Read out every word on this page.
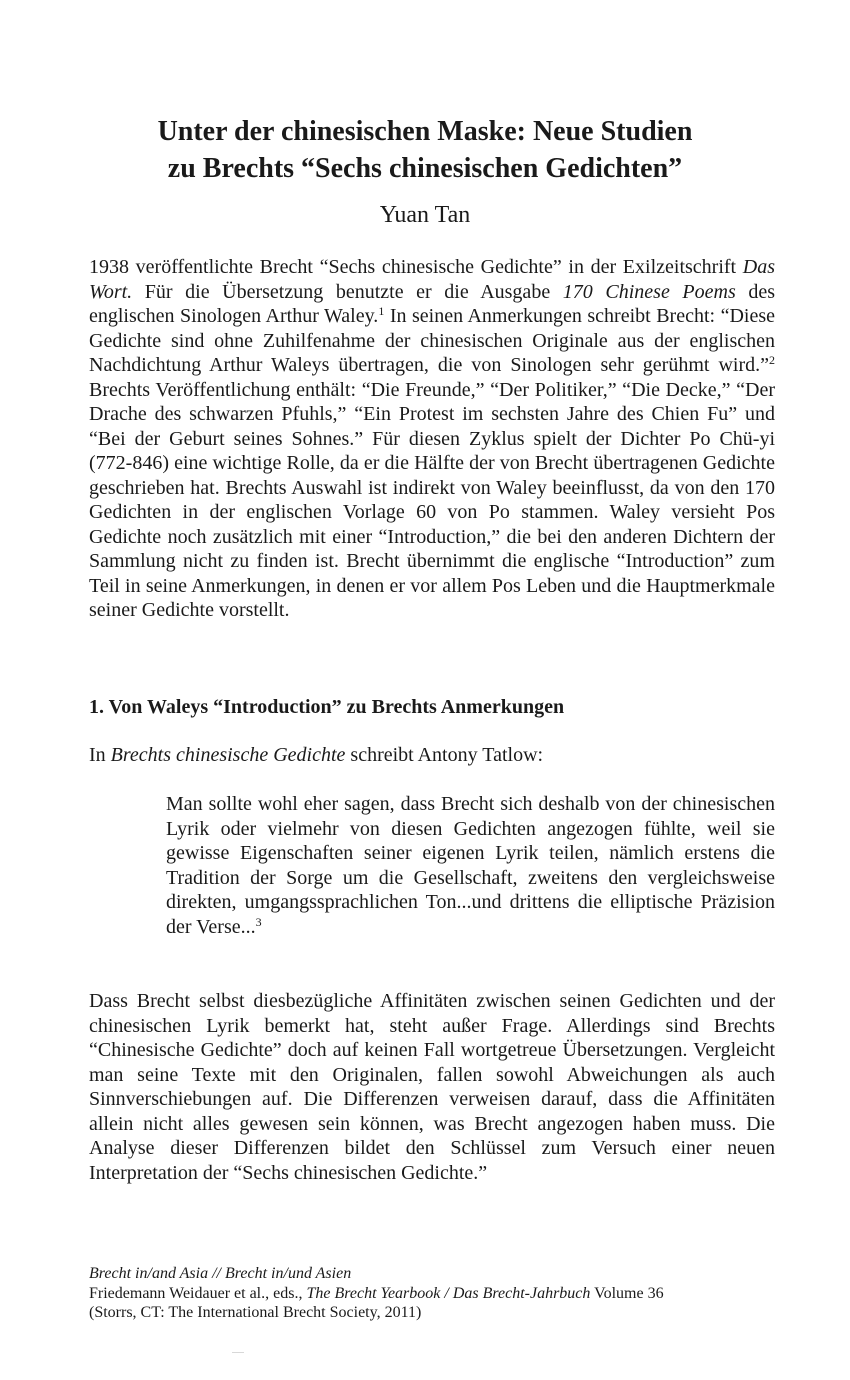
Unter der chinesischen Maske: Neue Studien
zu Brechts “Sechs chinesischen Gedichten”
Yuan Tan

1938 veröffentlichte Brecht “Sechs chinesische Gedichte” in der Exilzeitschrift Das Wort. Für die Übersetzung benutzte er die Ausgabe 170 Chinese Poems des englischen Sinologen Arthur Waley.$^1$ In seinen Anmerkungen schreibt Brecht: “Diese Gedichte sind ohne Zuhilfenahme der chinesischen Originale aus der englischen Nachdichtung Arthur Waleys übertragen, die von Sinologen sehr gerühmt wird.”$^2$ Brechts Veröffentlichung enthält: “Die Freunde,” “Der Politiker,” “Die Decke,” “Der Drache des schwarzen Pfuhls,” “Ein Protest im sechsten Jahre des Chien Fu” und “Bei der Geburt seines Sohnes.” Für diesen Zyklus spielt der Dichter Po Chü-yi (772-846) eine wichtige Rolle, da er die Hälfte der von Brecht übertragenen Gedichte geschrieben hat. Brechts Auswahl ist indirekt von Waley beeinflusst, da von den 170 Gedichten in der englischen Vorlage 60 von Po stammen. Waley versieht Pos Gedichte noch zusätzlich mit einer “Introduction,” die bei den anderen Dichtern der Sammlung nicht zu finden ist. Brecht übernimmt die englische “Introduction” zum Teil in seine Anmerkungen, in denen er vor allem Pos Leben und die Hauptmerkmale seiner Gedichte vorstellt.

1. Von Waleys “Introduction” zu Brechts Anmerkungen

In Brechts chinesische Gedichte schreibt Antony Tatlow:

Man sollte wohl eher sagen, dass Brecht sich deshalb von der chinesischen Lyrik oder vielmehr von diesen Gedichten angezogen fühlte, weil sie gewisse Eigenschaften seiner eigenen Lyrik teilen, nämlich erstens die Tradition der Sorge um die Gesellschaft, zweitens den vergleichsweise direkten, umgangssprachlichen Ton...und drittens die elliptische Präzision der Verse...$^3$

Dass Brecht selbst diesbezügliche Affinitäten zwischen seinen Gedichten und der chinesischen Lyrik bemerkt hat, steht außer Frage. Allerdings sind Brechts “Chinesische Gedichte” doch auf keinen Fall wortgetreue Übersetzungen. Vergleicht man seine Texte mit den Originalen, fallen sowohl Abweichungen als auch Sinnverschiebungen auf. Die Differenzen verweisen darauf, dass die Affinitäten allein nicht alles gewesen sein können, was Brecht angezogen haben muss. Die Analyse dieser Differenzen bildet den Schlüssel zum Versuch einer neuen Interpretation der “Sechs chinesischen Gedichte.”

Brecht in/and Asia // Brecht in/und Asien
Friedemann Weidauer et al., eds., The Brecht Yearbook / Das Brecht-Jahrbuch Volume 36
(Storrs, CT: The International Brecht Society, 2011)
